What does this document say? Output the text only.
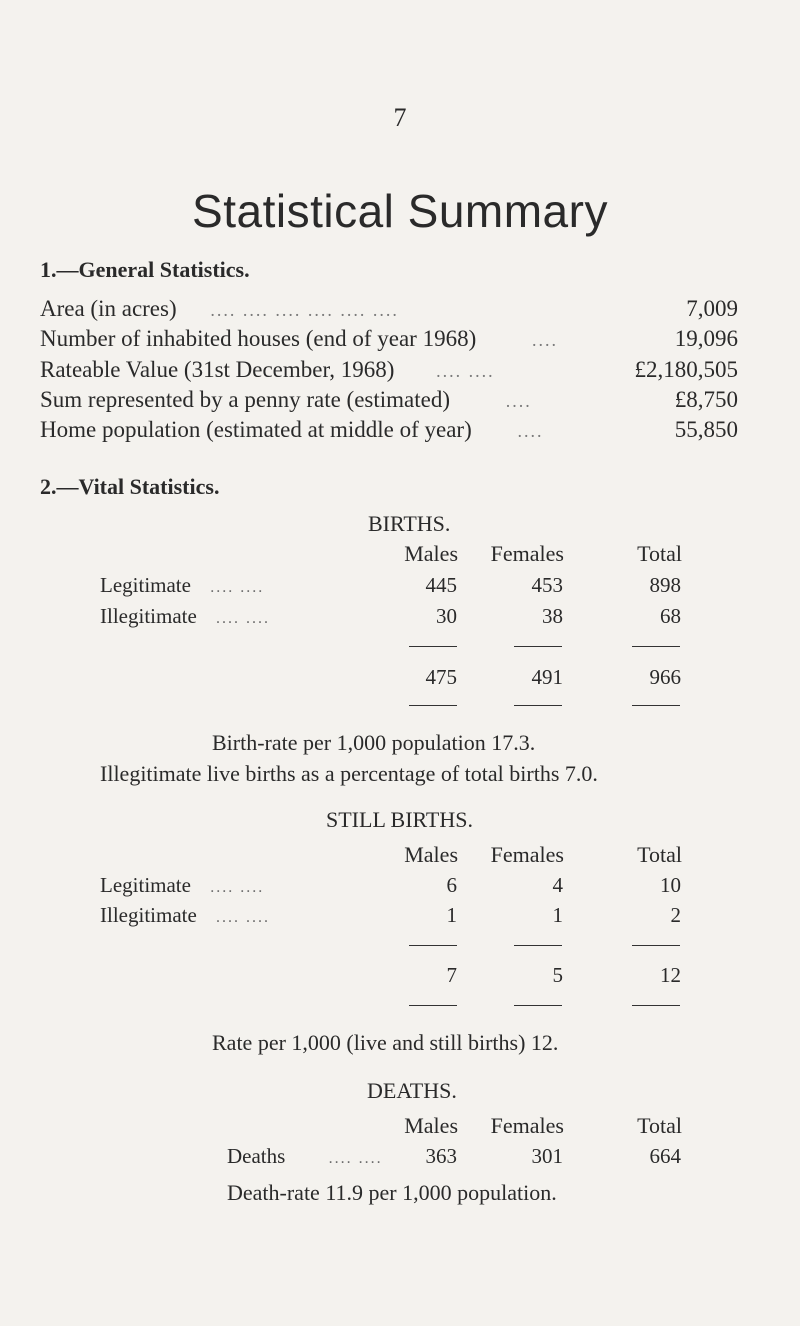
7
Statistical Summary
1.—General Statistics.
Area (in acres) .... .... .... .... .... ....	7,009
Number of inhabited houses (end of year 1968)	....	19,096
Rateable Value (31st December, 1968) .... ....	£2,180,505
Sum represented by a penny rate (estimated)	....	£8,750
Home population (estimated at middle of year)	....	55,850
2.—Vital Statistics.
BIRTHS.
Males Females	Total
Legitimate .... ....	445	453	898
Illegitimate .... ....	30	38	68
475	491	966
Birth-rate per 1,000 population 17.3.
Illegitimate live births as a percentage of total births 7.0.
STILL BIRTHS.
Males Females	Total
Legitimate .... ....	6	4	10
Illegitimate .... ....	1	1	2
7	5	12
Rate per 1,000 (live and still births) 12.
DEATHS.
Males Females	Total
Deaths	.... .... 363	301	664
Death-rate 11.9 per 1,000 population.
